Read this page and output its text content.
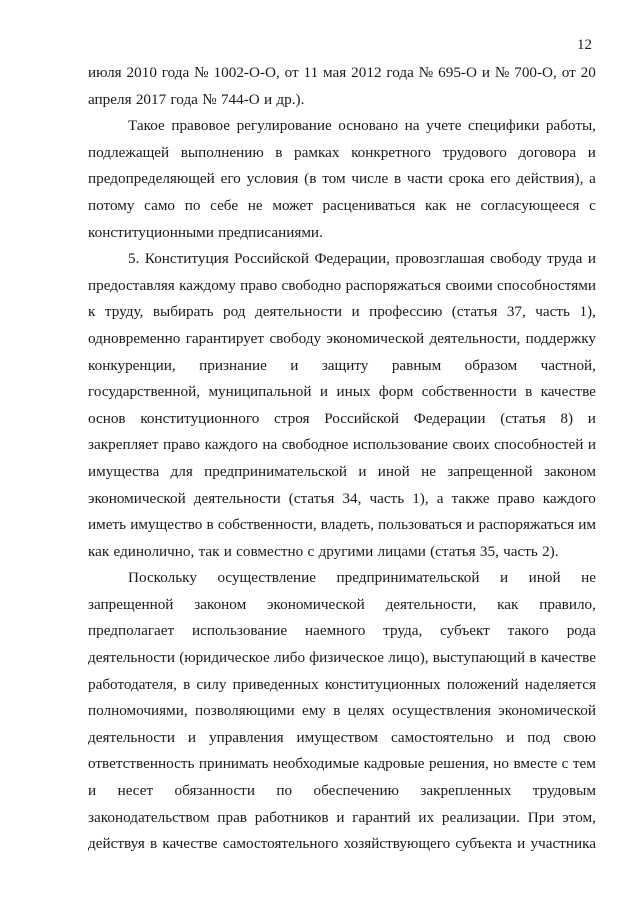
12
июля 2010 года № 1002-О-О, от 11 мая 2012 года № 695-О и № 700-О, от 20
апреля 2017 года № 744-О и др.).
Такое правовое регулирование основано на учете специфики работы,
подлежащей выполнению в рамках конкретного трудового договора и
предопределяющей его условия (в том числе в части срока его действия), а
потому само по себе не может расцениваться как не согласующееся с
конституционными предписаниями.
5. Конституция Российской Федерации, провозглашая свободу труда и
предоставляя каждому право свободно распоряжаться своими способностями
к труду, выбирать род деятельности и профессию (статья 37, часть 1),
одновременно гарантирует свободу экономической деятельности, поддержку
конкуренции, признание и защиту равным образом частной,
государственной, муниципальной и иных форм собственности в качестве
основ конституционного строя Российской Федерации (статья 8) и
закрепляет право каждого на свободное использование своих способностей и
имущества для предпринимательской и иной не запрещенной законом
экономической деятельности (статья 34, часть 1), а также право каждого
иметь имущество в собственности, владеть, пользоваться и распоряжаться им
как единолично, так и совместно с другими лицами (статья 35, часть 2).
Поскольку осуществление предпринимательской и иной не
запрещенной законом экономической деятельности, как правило,
предполагает использование наемного труда, субъект такого рода
деятельности (юридическое либо физическое лицо), выступающий в качестве
работодателя, в силу приведенных конституционных положений наделяется
полномочиями, позволяющими ему в целях осуществления экономической
деятельности и управления имуществом самостоятельно и под свою
ответственность принимать необходимые кадровые решения, но вместе с тем
и несет обязанности по обеспечению закрепленных трудовым
законодательством прав работников и гарантий их реализации. При этом,
действуя в качестве самостоятельного хозяйствующего субъекта и участника
